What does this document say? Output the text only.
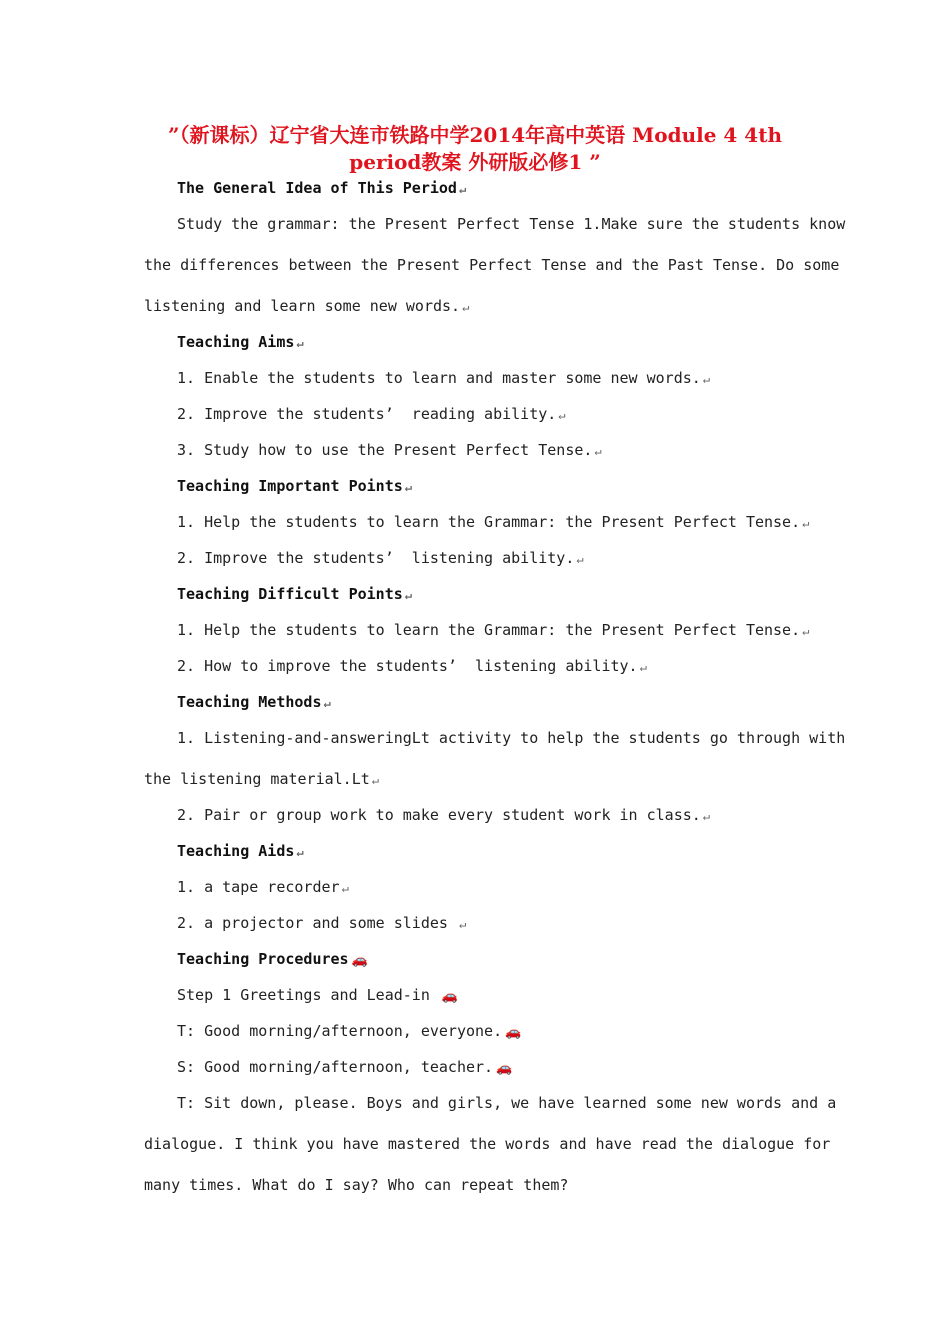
”（新课标）辽宁省大连市铁路中学2014年高中英语 Module 4 4th period教案 外研版必修1 ”
The General Idea of This Period ↵
Study the grammar: the Present Perfect Tense 1.Make sure the students know
the differences between the Present Perfect Tense and the Past Tense. Do some
listening and learn some new words. ↵
Teaching Aims ↵
1. Enable the students to learn and master some new words. ↵
2. Improve the students’  reading ability. ↵
3. Study how to use the Present Perfect Tense. ↵
Teaching Important Points ↵
1. Help the students to learn the Grammar: the Present Perfect Tense. ↵
2. Improve the students’  listening ability. ↵
Teaching Difficult Points ↵
1. Help the students to learn the Grammar: the Present Perfect Tense. ↵
2. How to improve the students’  listening ability. ↵
Teaching Methods ↵
1. Listening-and-answeringLt activity to help the students go through with
the listening material.Lt ↵
2. Pair or group work to make every student work in class. ↵
Teaching Aids ↵
1. a tape recorder ↵
2. a projector and some slides ↵
Teaching Procedures 🚗
Step 1 Greetings and Lead-in 🚗
T: Good morning/afternoon, everyone. 🚗
S: Good morning/afternoon, teacher. 🚗
T: Sit down, please. Boys and girls, we have learned some new words and a
dialogue. I think you have mastered the words and have read the dialogue for
many times. What do I say? Who can repeat them?
